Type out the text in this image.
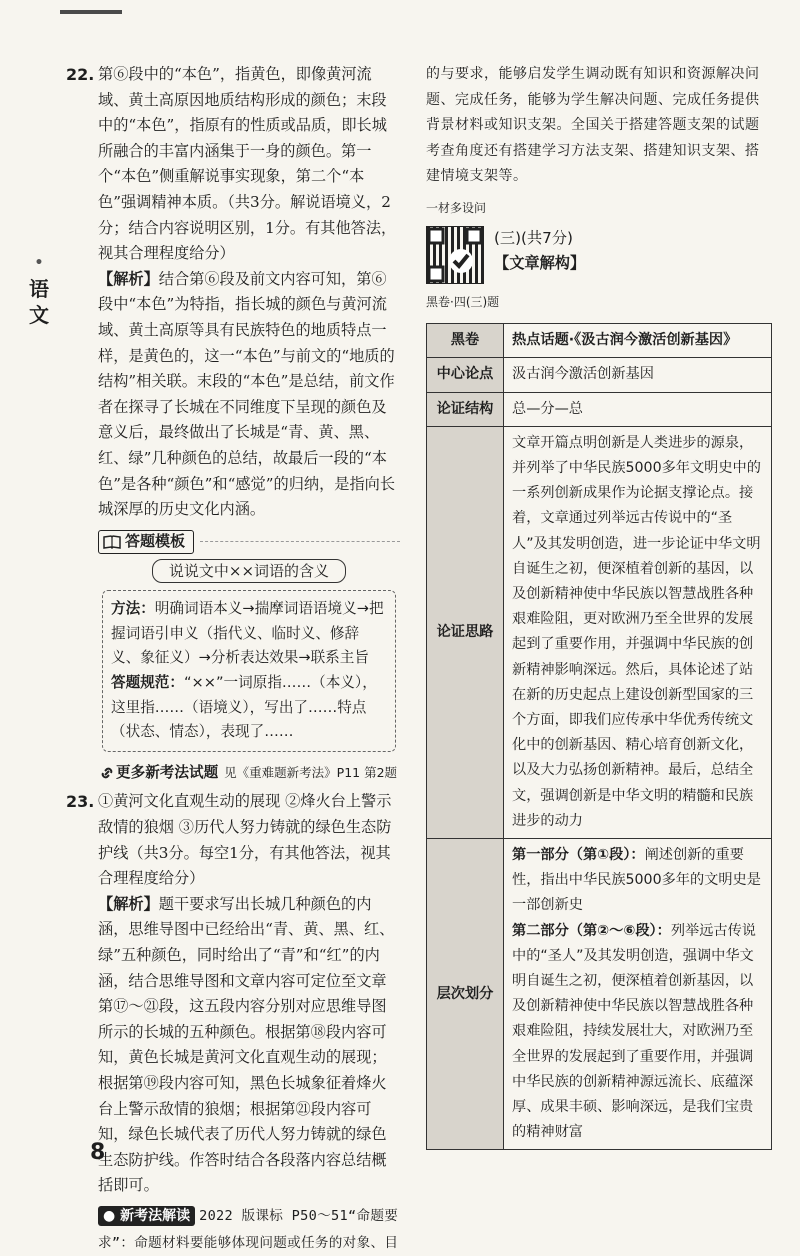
•
语文
22. 第⑥段中的“本色”，指黄色，即像黄河流域、黄土高原因地质结构形成的颜色；末段中的“本色”，指原有的性质或品质，即长城所融合的丰富内涵集于一身的颜色。第一个“本色”侧重解说事实现象，第二个“本色”强调精神本质。（共3分。解说语境义，2分；结合内容说明区别，1分。有其他答法，视其合理程度给分）

【解析】结合第⑥段及前文内容可知，第⑥段中“本色”为特指，指长城的颜色与黄河流域、黄土高原等具有民族特色的地质特点一样，是黄色的，这一“本色”与前文的“地质的结构”相关联。末段的“本色”是总结，前文作者在探寻了长城在不同维度下呈现的颜色及意义后，最终做出了长城是“青、黄、黑、红、绿”几种颜色的总结，故最后一段的“本色”是各种“颜色”和“感觉”的归纳，是指向长城深厚的历史文化内涵。

答题模板
说说文中××词语的含义
方法：明确词语本义→揣摩词语语境义→把握词语引申义（指代义、临时义、修辞义、象征义）→分析表达效果→联系主旨
答题规范：“××”一词原指……（本义），这里指……（语境义），写出了……特点（状态、情态），表现了……
更多新考法试题 见《重难题新考法》P11 第2题
23. ①黄河文化直观生动的展现 ②烽火台上警示敌情的狼烟 ③历代人努力铸就的绿色生态防护线（共3分。每空1分，有其他答法，视其合理程度给分）

【解析】题干要求写出长城几种颜色的内涵，思维导图中已经给出“青、黄、黑、红、绿”五种颜色，同时给出了“青”和“红”的内涵，结合思维导图和文章内容可定位至文章第⑰～㉑段，这五段内容分别对应思维导图所示的长城的五种颜色。根据第⑱段内容可知，黄色长城是黄河文化直观生动的展现；根据第⑲段内容可知，黑色长城象征着烽火台上警示敌情的狼烟；根据第㉑段内容可知，绿色长城代表了历代人努力铸就的绿色生态防护线。作答时结合各段落内容总结概括即可。

● 新考法解读 2022 版课标 P50～51“命题要求”：命题材料要能够体现问题或任务的对象、目

的与要求，能够启发学生调动既有知识和资源解决问题、完成任务，能够为学生解决问题、完成任务提供背景材料或知识支架。全国关于搭建答题支架的试题考查角度还有搭建学习方法支架、搭建知识支架、搭建情境支架等。

一材多设问
(三)(共7分)
【文章解构】
黑卷·四(三)题
黑卷	热点话题·《汲古润今激活创新基因》
中心论点	汲古润今激活创新基因
论证结构	总—分—总
论证思路	文章开篇点明创新是人类进步的源泉，并列举了中华民族5000多年文明史中的一系列创新成果作为论据支撑论点。接着，文章通过列举远古传说中的“圣人”及其发明创造，进一步论证中华文明自诞生之初，便深植着创新的基因，以及创新精神使中华民族以智慧战胜各种艰难险阻，更对欧洲乃至全世界的发展起到了重要作用，并强调中华民族的创新精神影响深远。然后，具体论述了站在新的历史起点上建设创新型国家的三个方面，即我们应传承中华优秀传统文化中的创新基因、精心培育创新文化，以及大力弘扬创新精神。最后，总结全文，强调创新是中华文明的精髓和民族进步的动力
层次划分	第一部分（第①段）：阐述创新的重要性，指出中华民族5000多年的文明史是一部创新史
第二部分（第②～⑥段）：列举远古传说中的“圣人”及其发明创造，强调中华文明自诞生之初，便深植着创新基因，以及创新精神使中华民族以智慧战胜各种艰难险阻，持续发展壮大，对欧洲乃至全世界的发展起到了重要作用，并强调中华民族的创新精神源远流长、底蕴深厚、成果丰硕、影响深远，是我们宝贵的精神财富
8
